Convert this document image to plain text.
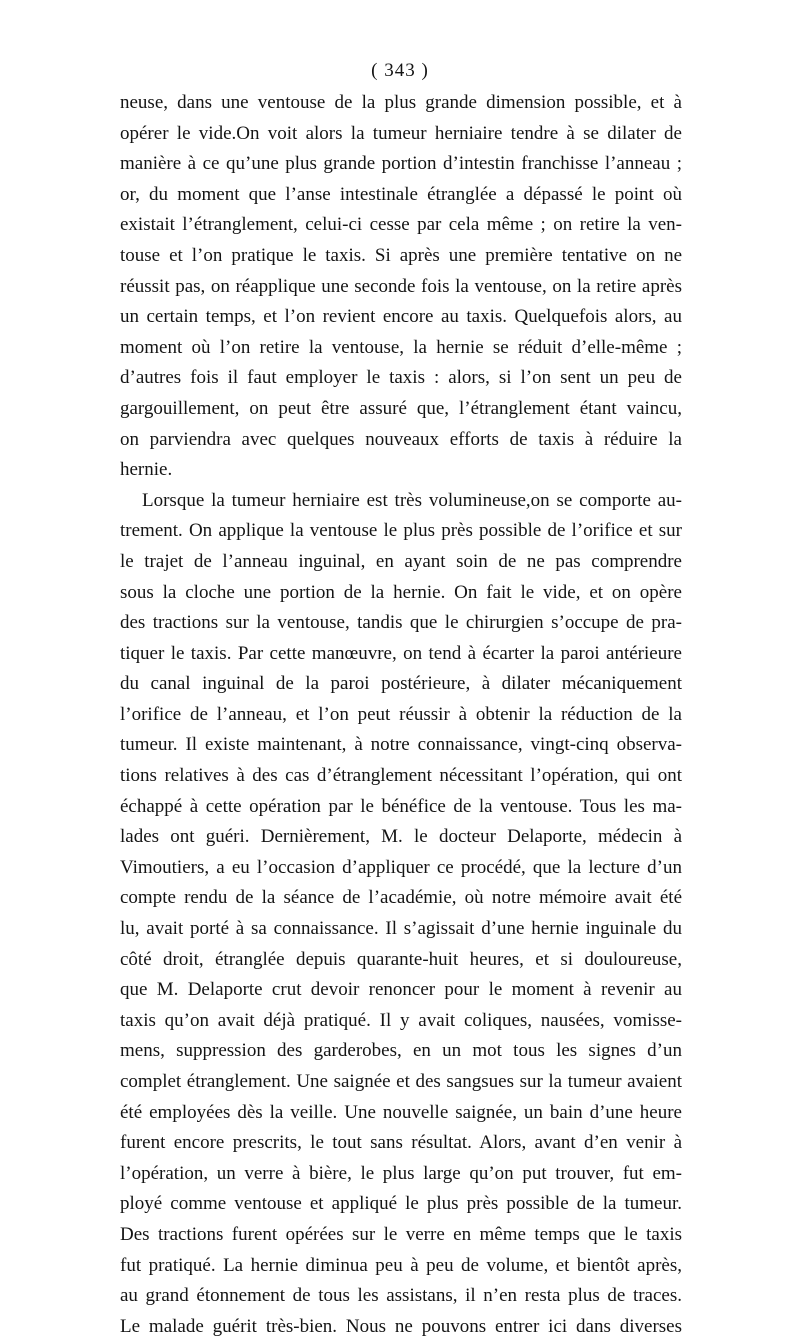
( 343 )
neuse, dans une ventouse de la plus grande dimension possible, et à
opérer le vide.On voit alors la tumeur herniaire tendre à se dilater de
manière à ce qu’une plus grande portion d’intestin franchisse l’anneau ;
or, du moment que l’anse intestinale étranglée a dépassé le point où
existait l’étranglement, celui-ci cesse par cela même ; on retire la ven-
touse et l’on pratique le taxis. Si après une première tentative on ne
réussit pas, on réapplique une seconde fois la ventouse, on la retire après
un certain temps, et l’on revient encore au taxis. Quelquefois alors, au
moment où l’on retire la ventouse, la hernie se réduit d’elle-même ;
d’autres fois il faut employer le taxis : alors, si l’on sent un peu de
gargouillement, on peut être assuré que, l’étranglement étant vaincu,
on parviendra avec quelques nouveaux efforts de taxis à réduire la
hernie.
Lorsque la tumeur herniaire est très volumineuse,on se comporte au-
trement. On applique la ventouse le plus près possible de l’orifice et sur
le trajet de l’anneau inguinal, en ayant soin de ne pas comprendre
sous la cloche une portion de la hernie. On fait le vide, et on opère
des tractions sur la ventouse, tandis que le chirurgien s’occupe de pra-
tiquer le taxis. Par cette manœuvre, on tend à écarter la paroi antérieure
du canal inguinal de la paroi postérieure, à dilater mécaniquement
l’orifice de l’anneau, et l’on peut réussir à obtenir la réduction de la
tumeur. Il existe maintenant, à notre connaissance, vingt-cinq observa-
tions relatives à des cas d’étranglement nécessitant l’opération, qui ont
échappé à cette opération par le bénéfice de la ventouse. Tous les ma-
lades ont guéri. Dernièrement, M. le docteur Delaporte, médecin à
Vimoutiers, a eu l’occasion d’appliquer ce procédé, que la lecture d’un
compte rendu de la séance de l’académie, où notre mémoire avait été
lu, avait porté à sa connaissance. Il s’agissait d’une hernie inguinale du
côté droit, étranglée depuis quarante-huit heures, et si douloureuse,
que M. Delaporte crut devoir renoncer pour le moment à revenir au
taxis qu’on avait déjà pratiqué. Il y avait coliques, nausées, vomisse-
mens, suppression des garderobes, en un mot tous les signes d’un
complet étranglement. Une saignée et des sangsues sur la tumeur avaient
été employées dès la veille. Une nouvelle saignée, un bain d’une heure
furent encore prescrits, le tout sans résultat. Alors, avant d’en venir à
l’opération, un verre à bière, le plus large qu’on put trouver, fut em-
ployé comme ventouse et appliqué le plus près possible de la tumeur.
Des tractions furent opérées sur le verre en même temps que le taxis
fut pratiqué. La hernie diminua peu à peu de volume, et bientôt après,
au grand étonnement de tous les assistans, il n’en resta plus de traces.
Le malade guérit très-bien. Nous ne pouvons entrer ici dans diverses
